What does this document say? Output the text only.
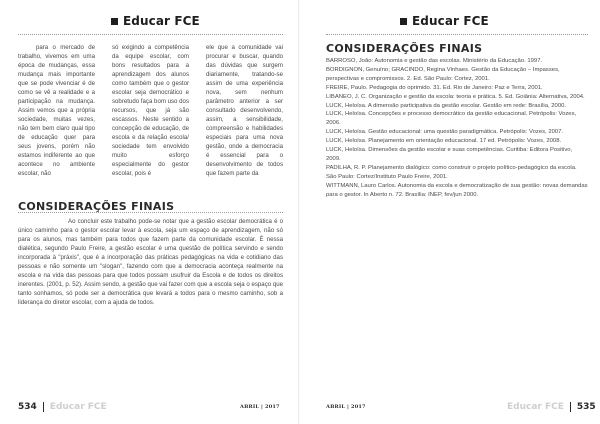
Educar FCE

para o mercado de trabalho, vivemos em uma época de mudanças, essa mudança mais importante que se pode vivenciar é de como se vê a realidade e a participação na mudança. Assim vemos que a própria sociedade, muitas vezes, não tem bem claro qual tipo de educação quer para seus jovens, porém não estamos indiferente ao que acontece no ambiente escolar, não

só exigindo a competência da equipe escolar, com bons resultados para a aprendizagem dos alunos como também que o gestor escolar seja democrático e sobretudo faça bom uso dos recursos, que já são escassos. Neste sentido a concepção de educação, de escola e da relação escola/ sociedade tem envolvido muito esforço especialmente do gestor escolar, pois é

ele que a comunidade vai procurar e buscar, quando das dúvidas que surgem diariamente, tratando-se assim de uma experiência nova, sem nenhum parâmetro anterior a ser consultado desenvolvendo, assim, a sensibilidade, compreensão e habilidades especiais para uma nova gestão, onde a democracia é essencial para o desenvolvimento de todos que fazem parte da

CONSIDERAÇÕES FINAIS

Ao concluir este trabalho pode-se notar que a gestão escolar democrática é o único caminho para o gestor escolar levar à escola, seja um espaço de aprendizagem, não só para os alunos, mas também para todos que fazem parte da comunidade escolar. É nessa dialética, segundo Paulo Freire, a gestão escolar é uma questão de política servindo e sendo incorporada à "práxis", que é a incorporação das práticas pedagógicas na vida e cotidiano das pessoas e não somente um "slogan", fazendo com que a democracia aconteça realmente na escola e na vida das pessoas para que todos possam usufruir da Escola e de todos os direitos inerentes. (2001, p. 52). Assim sendo, a gestão que vai fazer com que a escola seja o espaço que tanto sonhamos, só pode ser a democrática que levará a todos para o mesmo caminho, sob a liderança do diretor escolar, com a ajuda de todos.

534 Educar FCE	ABRIL | 2017
Educar FCE
CONSIDERAÇÕES FINAIS

BARROSO, João: Autonomia e gestão das escolas. Ministério da Educação. 1997.

BORDIGNON, Genuíno; GRACINDO, Regina Vinhaes. Gestão da Educação – Impasses, perspectivas e compromissos. 2. Ed. São Paulo: Cortez, 2001.

FREIRE, Paulo. Pedagogia do oprimido. 31. Ed. Rio de Janeiro: Paz e Terra, 2001.

LIBANEO, J. C. Organização e gestão da escola: teoria e prática. 5. Ed. Goiânia: Alternativa, 2004.

LUCK, Heloísa. A dimensão participativa da gestão escolar. Gestão em rede: Brasília, 2000.

LUCK, Heloísa. Concepções e processo democrático da gestão educacional. Petrópolis: Vozes, 2006.

LUCK, Heloísa. Gestão educacional: uma questão paradigmática. Petrópolis: Vozes, 2007.

LUCK, Heloísa. Planejamento em orientação educacional. 17 ed. Petrópolis: Vozes, 2008.

LUCK, Heloísa. Dimensões da gestão escolar e suas competências. Curitiba: Editora Positivo, 2009.

PADILHA, R. P. Planejamento dialógico: como construir o projeto político-pedagógico da escola. São Paulo: Cortez/Instituto Paulo Freire, 2001.

WITTMANN, Lauro Carlos. Autonomia da escola e democratização de sua gestão: novas demandas para o gestor. In Aberto n. 72. Brasília: INEP, fev/jun 2000.

ABRIL | 2017	Educar FCE 535
